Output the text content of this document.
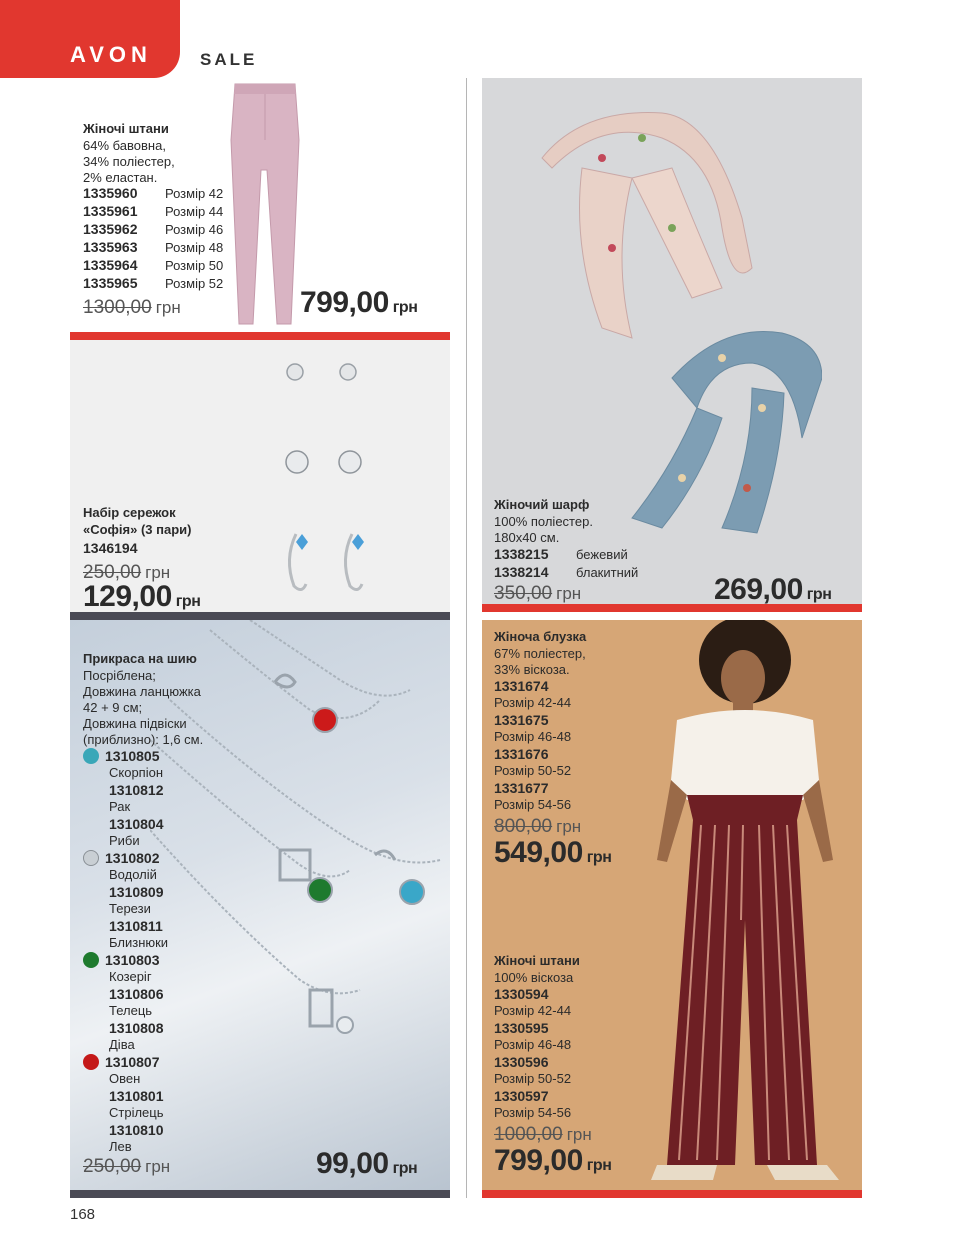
AVON	SALE
Жіночі штани
64% бавовна,
34% поліестер,
2% еластан.
1335960	Розмір 42
1335961	Розмір 44
1335962	Розмір 46
1335963	Розмір 48
1335964	Розмір 50
1335965	Розмір 52
1300,00 грн	799,00 грн
Набір сережок
«Софія» (3 пари)
1346194
250,00 грн
129,00 грн
Жіночий шарф
100% поліестер.
180х40 см.
1338215	бежевий
1338214	блакитний
350,00 грн	269,00 грн
Прикраса на шию
Посріблена;
Довжина ланцюжка
42 + 9 см;
Довжина підвіски
(приблизно): 1,6 см.
1310805
Скорпіон
1310812
Рак
1310804
Риби
1310802
Водолій
1310809
Терези
1310811
Близнюки
1310803
Козеріг
1310806
Телець
1310808
Діва
1310807
Овен
1310801
Стрілець
1310810
Лев
250,00 грн	99,00 грн
Жіноча блузка
67% поліестер,
33% віскоза.
1331674
Розмір 42-44
1331675
Розмір 46-48
1331676
Розмір 50-52
1331677
Розмір 54-56
800,00 грн
549,00 грн
Жіночі штани
100% віскоза
1330594
Розмір 42-44
1330595
Розмір 46-48
1330596
Розмір 50-52
1330597
Розмір 54-56
1000,00 грн
799,00 грн
168
